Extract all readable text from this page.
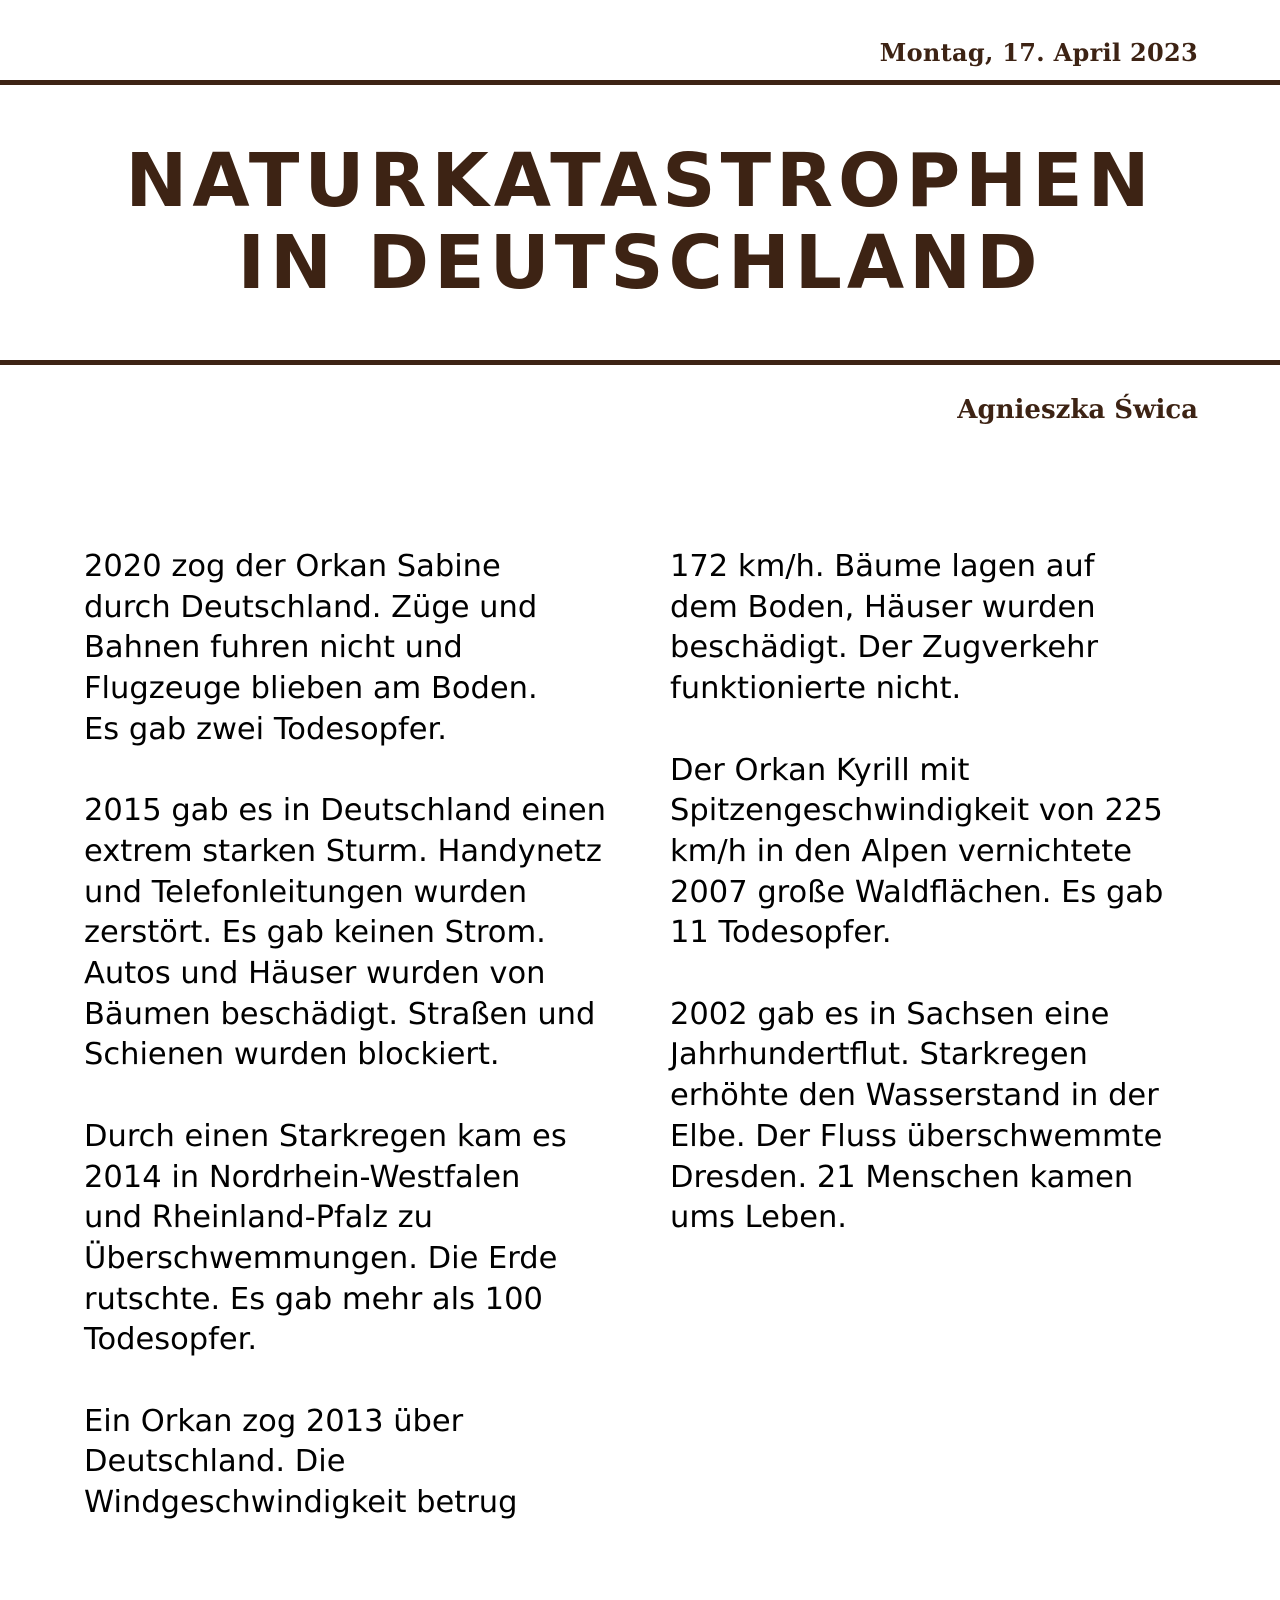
Montag, 17. April 2023
NATURKATASTROPHEN
IN DEUTSCHLAND
Agnieszka Świca

2020 zog der Orkan Sabine
durch Deutschland. Züge und
Bahnen fuhren nicht und
Flugzeuge blieben am Boden.
Es gab zwei Todesopfer.

2015 gab es in Deutschland einen
extrem starken Sturm. Handynetz
und Telefonleitungen wurden
zerstört. Es gab keinen Strom.
Autos und Häuser wurden von
Bäumen beschädigt. Straßen und
Schienen wurden blockiert.

Durch einen Starkregen kam es
2014 in Nordrhein-Westfalen
und Rheinland-Pfalz zu
Überschwemmungen. Die Erde
rutschte. Es gab mehr als 100
Todesopfer.

Ein Orkan zog 2013 über
Deutschland. Die
Windgeschwindigkeit betrug

172 km/h. Bäume lagen auf
dem Boden, Häuser wurden
beschädigt. Der Zugverkehr
funktionierte nicht.

Der Orkan Kyrill mit
Spitzengeschwindigkeit von 225
km/h in den Alpen vernichtete
2007 große Waldflächen. Es gab
11 Todesopfer.

2002 gab es in Sachsen eine
Jahrhundertflut. Starkregen
erhöhte den Wasserstand in der
Elbe. Der Fluss überschwemmte
Dresden. 21 Menschen kamen
ums Leben.
